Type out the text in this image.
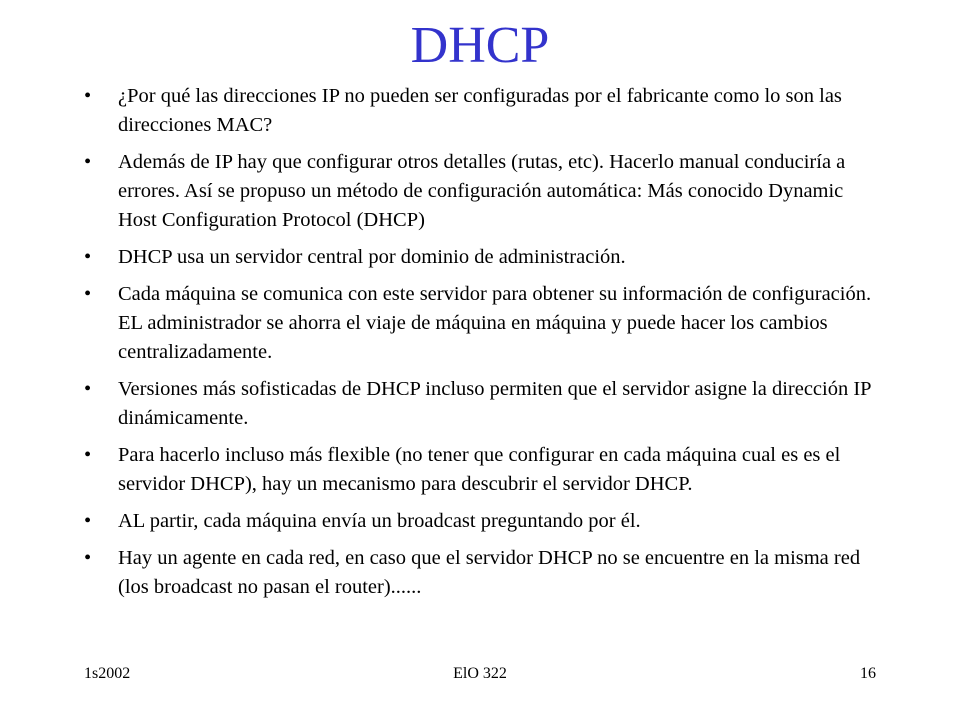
DHCP
• ¿Por qué las direcciones IP no pueden ser configuradas por el fabricante como lo son las direcciones MAC?
• Además de IP hay que configurar otros detalles (rutas, etc). Hacerlo manual conduciría a errores. Así se propuso un método de configuración automática: Más conocido Dynamic Host Configuration Protocol (DHCP)
• DHCP usa un servidor central por dominio de administración.
• Cada máquina se comunica con este servidor para obtener su información de configuración. EL administrador se ahorra el viaje de máquina en máquina y puede hacer los cambios centralizadamente.
• Versiones más sofisticadas de DHCP incluso permiten que el servidor asigne la dirección IP dinámicamente.
• Para hacerlo incluso más flexible (no tener que configurar en cada máquina cual es es el servidor DHCP), hay un mecanismo para descubrir el servidor DHCP.
• AL partir, cada máquina envía un broadcast preguntando por él.
• Hay un agente en cada red, en caso que el servidor DHCP no se encuentre en la misma red (los broadcast no pasan el router)......
1s2002	ElO 322	16
